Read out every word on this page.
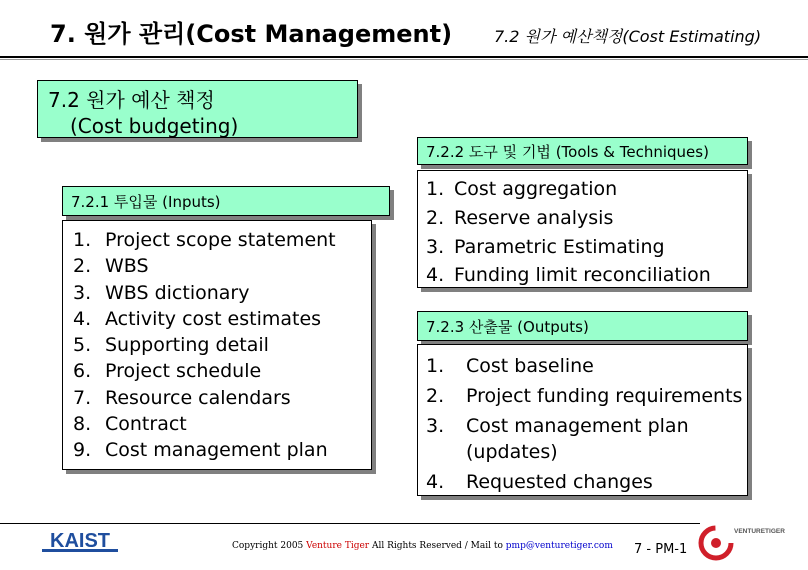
7. 원가 관리(Cost Management)	7.2 원가 예산책정(Cost Estimating)
7.2 원가 예산 책정
(Cost budgeting)
7.2.2 도구 및 기법 (Tools & Techniques)
1. Cost aggregation
2. Reserve analysis
3. Parametric Estimating
4. Funding limit reconciliation
7.2.1 투입물 (Inputs)
1. Project scope statement
2. WBS
3. WBS dictionary
4. Activity cost estimates
5. Supporting detail
6. Project schedule
7. Resource calendars
8. Contract
9. Cost management plan
7.2.3 산출물 (Outputs)
1.	Cost baseline
2.	Project funding requirements
3.	Cost management plan (updates)
4.	Requested changes
KAIST	Copyright 2005 Venture Tiger All Rights Reserved / Mail to pmp@venturetiger.com 7 - PM-1
VENTURETIGER
